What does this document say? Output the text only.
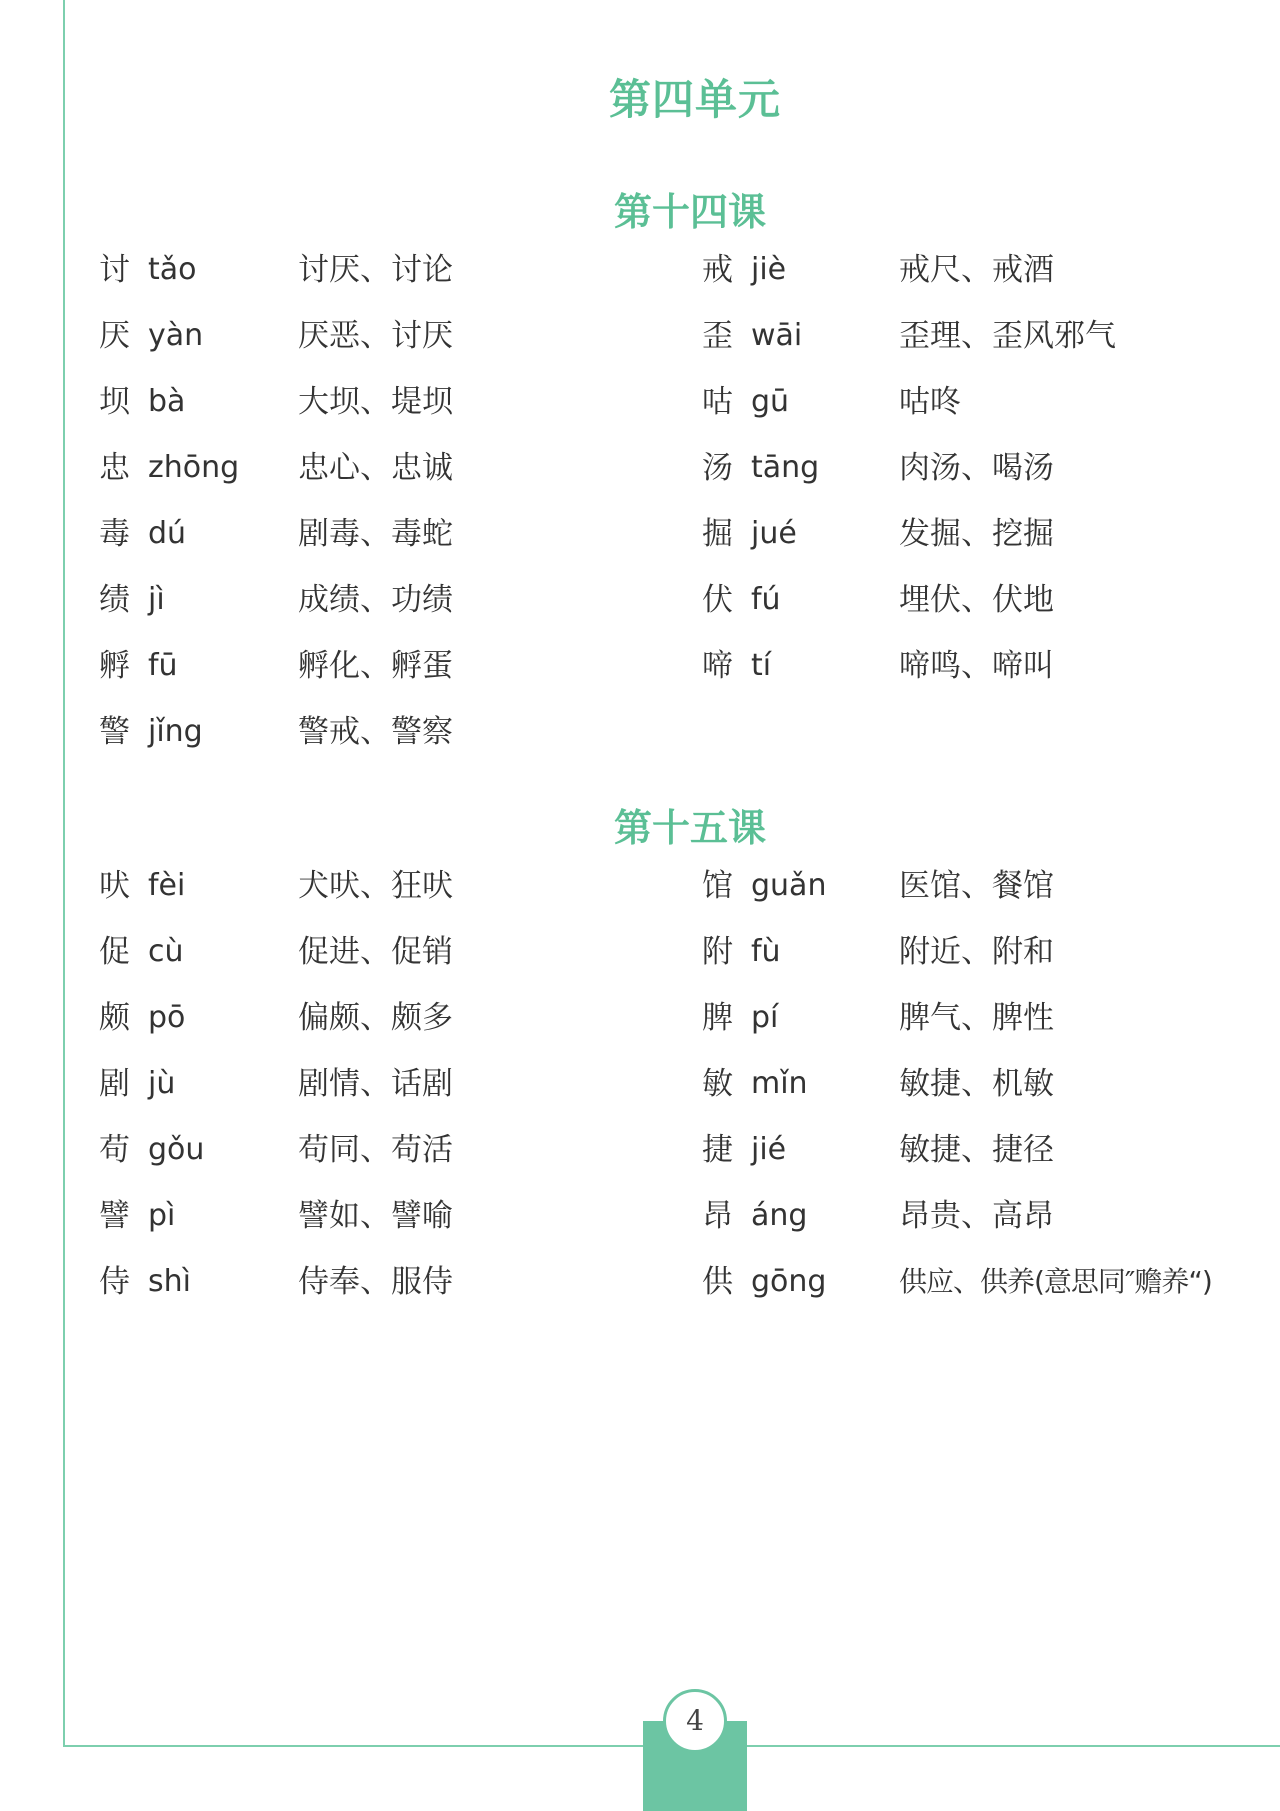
第四单元
第十四课
讨 tǎo	讨厌、讨论	戒 jiè	戒尺、戒酒
厌 yàn	厌恶、讨厌	歪 wāi	歪理、歪风邪气
坝 bà	大坝、堤坝	咕 gū	咕咚
忠 zhōng 忠心、忠诚	汤 tāng	肉汤、喝汤
毒 dú	剧毒、毒蛇	掘 jué	发掘、挖掘
绩 jì	成绩、功绩	伏 fú	埋伏、伏地
孵 fū	孵化、孵蛋	啼 tí	啼鸣、啼叫
警 jǐng	警戒、警察
第十五课
吠 fèi	犬吠、狂吠	馆 guǎn 医馆、餐馆
促 cù	促进、促销	附 fù	附近、附和
颇 pō	偏颇、颇多	脾 pí	脾气、脾性
剧 jù	剧情、话剧	敏 mǐn	敏捷、机敏
苟 gǒu	苟同、苟活	捷 jié	敏捷、捷径
譬 pì	譬如、譬喻	昂 áng	昂贵、高昂
侍 shì	侍奉、服侍	供 gōng	供应、供养(意思同″赡养“)
4
